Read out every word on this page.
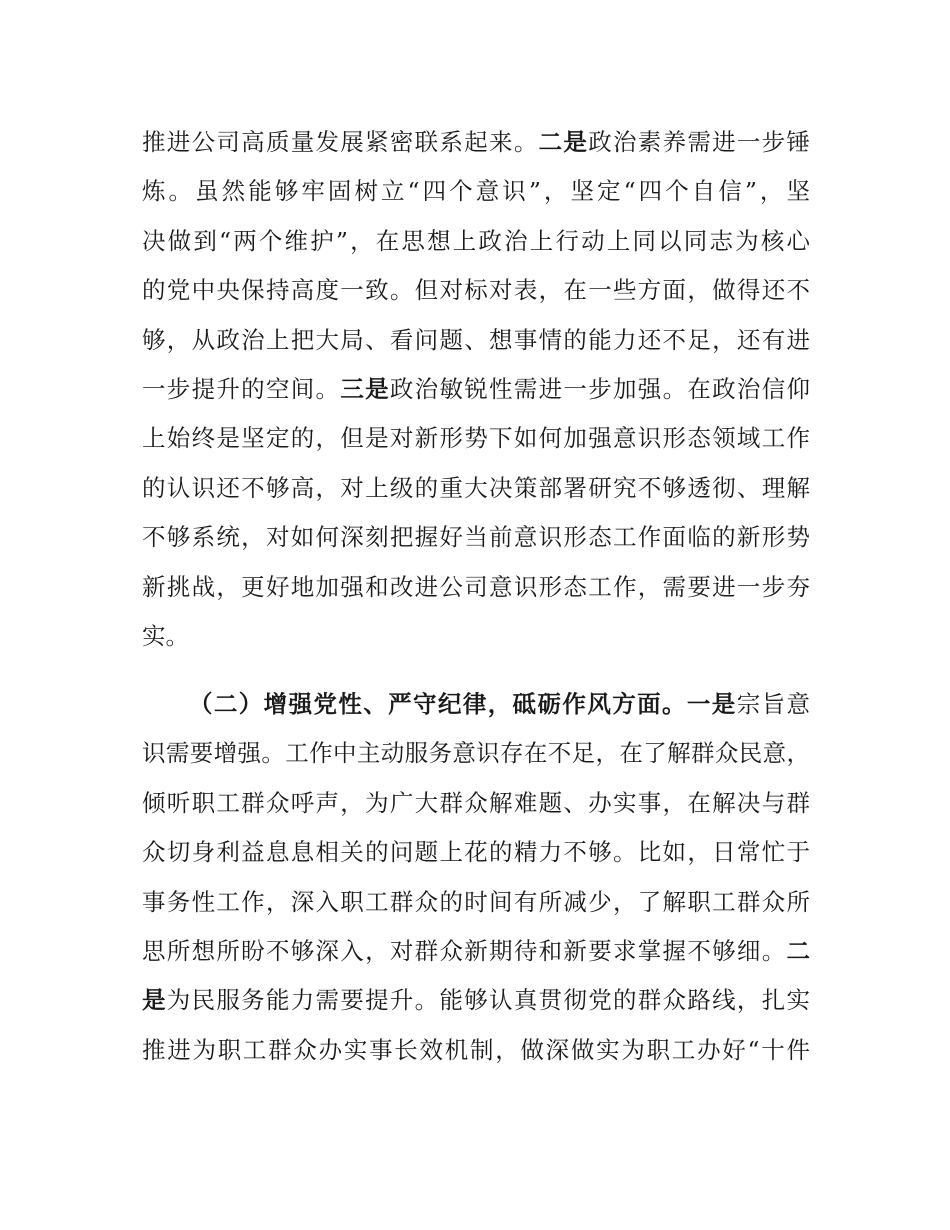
推进公司高质量发展紧密联系起来。二是政治素养需进一步锤
炼。虽然能够牢固树立“四个意识”，坚定“四个自信”，坚
决做到“两个维护”，在思想上政治上行动上同以同志为核心
的党中央保持高度一致。但对标对表，在一些方面，做得还不
够，从政治上把大局、看问题、想事情的能力还不足，还有进
一步提升的空间。三是政治敏锐性需进一步加强。在政治信仰
上始终是坚定的，但是对新形势下如何加强意识形态领域工作
的认识还不够高，对上级的重大决策部署研究不够透彻、理解
不够系统，对如何深刻把握好当前意识形态工作面临的新形势
新挑战，更好地加强和改进公司意识形态工作，需要进一步夯
实。
（二）增强党性、严守纪律，砥砺作风方面。一是宗旨意
识需要增强。工作中主动服务意识存在不足，在了解群众民意，
倾听职工群众呼声，为广大群众解难题、办实事，在解决与群
众切身利益息息相关的问题上花的精力不够。比如，日常忙于
事务性工作，深入职工群众的时间有所减少，了解职工群众所
思所想所盼不够深入，对群众新期待和新要求掌握不够细。二
是为民服务能力需要提升。能够认真贯彻党的群众路线，扎实
推进为职工群众办实事长效机制，做深做实为职工办好“十件
